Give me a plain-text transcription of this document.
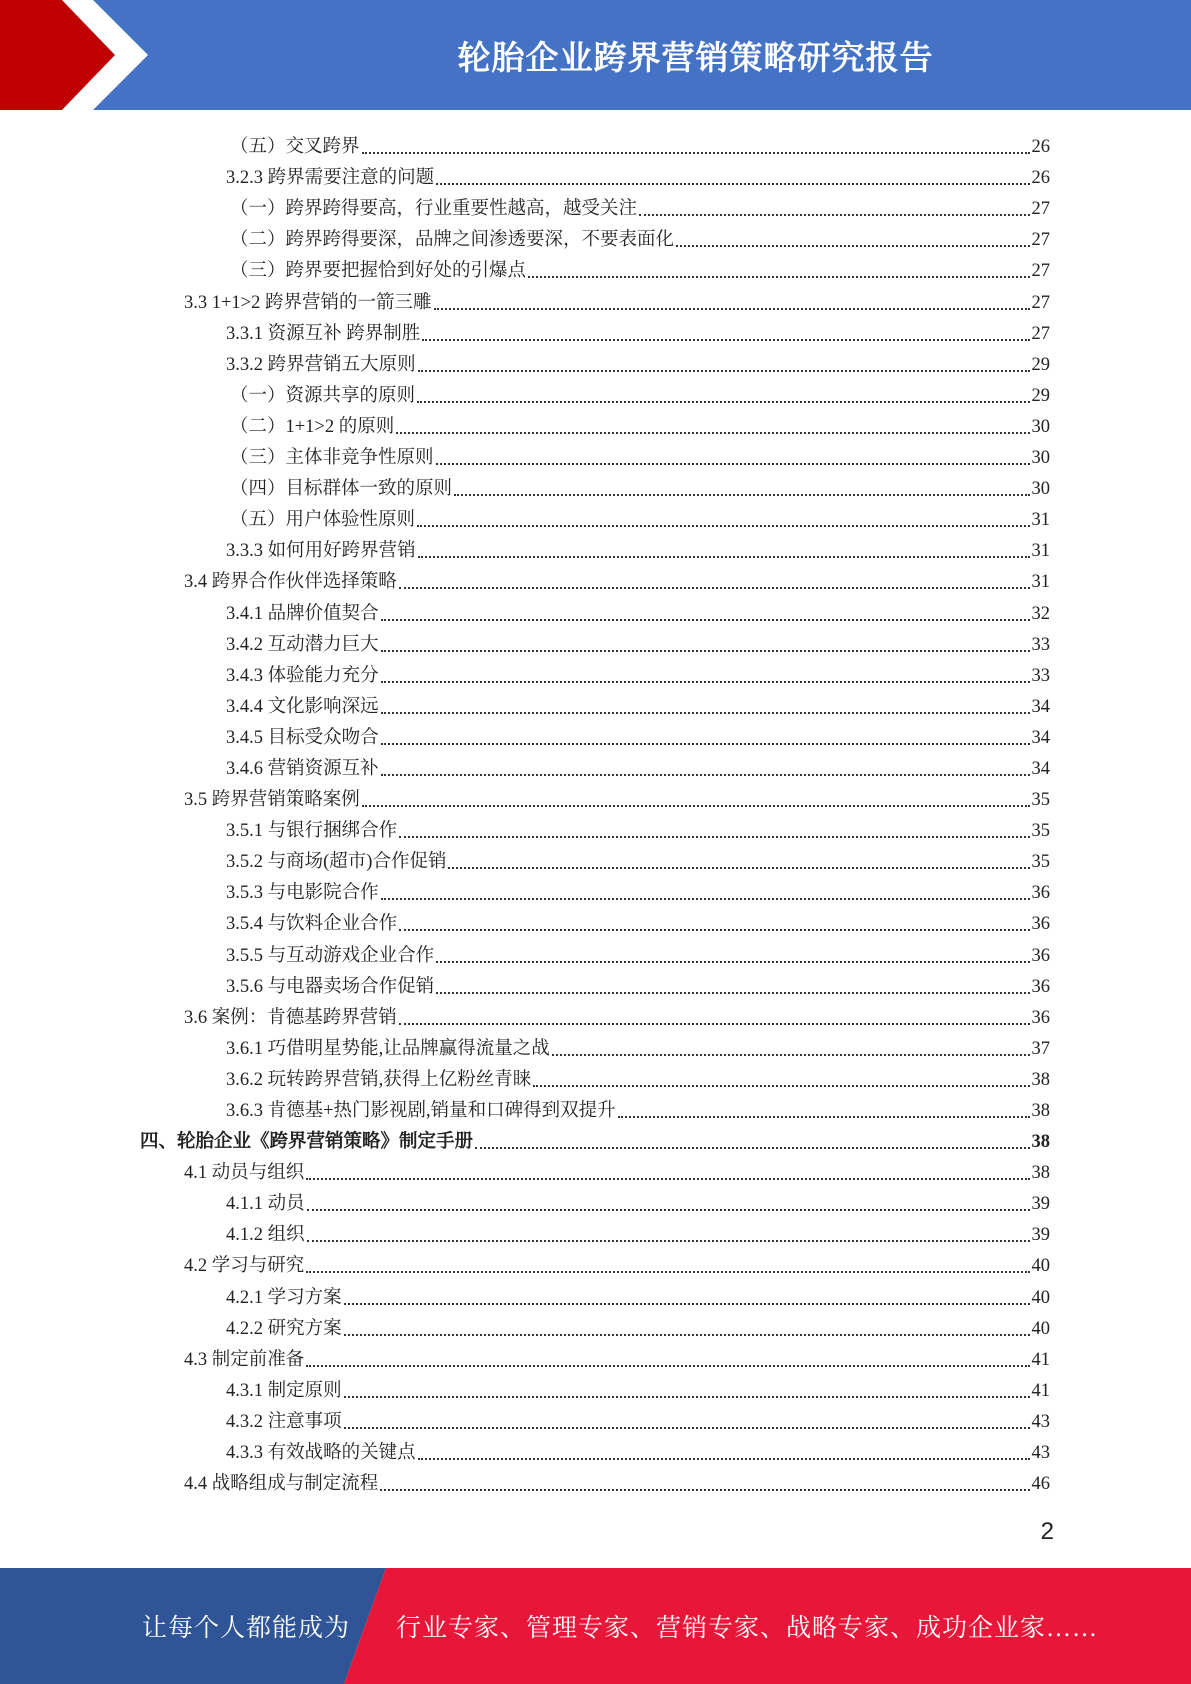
轮胎企业跨界营销策略研究报告
（五）交叉跨界	26
3.2.3 跨界需要注意的问题	26
（一）跨界跨得要高，行业重要性越高，越受关注	27
（二）跨界跨得要深，品牌之间渗透要深，不要表面化	27
（三）跨界要把握恰到好处的引爆点	27
3.3 1+1>2 跨界营销的一箭三雕	27
3.3.1 资源互补 跨界制胜	27
3.3.2 跨界营销五大原则	29
（一）资源共享的原则	29
（二）1+1>2 的原则	30
（三）主体非竞争性原则	30
（四）目标群体一致的原则	30
（五）用户体验性原则	31
3.3.3 如何用好跨界营销	31
3.4 跨界合作伙伴选择策略	31
3.4.1 品牌价值契合	32
3.4.2 互动潜力巨大	33
3.4.3 体验能力充分	33
3.4.4 文化影响深远	34
3.4.5 目标受众吻合	34
3.4.6 营销资源互补	34
3.5 跨界营销策略案例	35
3.5.1 与银行捆绑合作	35
3.5.2 与商场(超市)合作促销	35
3.5.3 与电影院合作	36
3.5.4 与饮料企业合作	36
3.5.5 与互动游戏企业合作	36
3.5.6 与电器卖场合作促销	36
3.6 案例：肯德基跨界营销	36
3.6.1 巧借明星势能,让品牌赢得流量之战	37
3.6.2 玩转跨界营销,获得上亿粉丝青睐	38
3.6.3 肯德基+热门影视剧,销量和口碑得到双提升	38
四、轮胎企业《跨界营销策略》制定手册	38
4.1 动员与组织	38
4.1.1 动员	39
4.1.2 组织	39
4.2 学习与研究	40
4.2.1 学习方案	40
4.2.2 研究方案	40
4.3 制定前准备	41
4.3.1 制定原则	41
4.3.2 注意事项	43
4.3.3 有效战略的关键点	43
4.4 战略组成与制定流程	46
2
让每个人都能成为 行业专家、管理专家、营销专家、战略专家、成功企业家……
